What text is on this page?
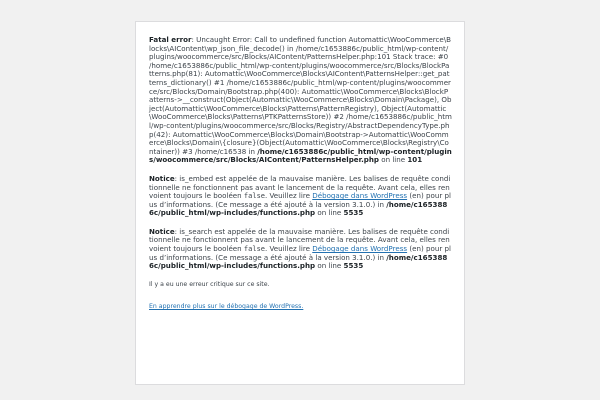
Fatal error: Uncaught Error: Call to undefined function Automattic\WooCommerce\Blocks\AIContent\wp_json_file_decode() in /home/c1653886c/public_html/wp-content/plugins/woocommerce/src/Blocks/AIContent/PatternsHelper.php:101 Stack trace: #0 /home/c1653886c/public_html/wp-content/plugins/woocommerce/src/Blocks/BlockPatterns.php(81): Automattic\WooCommerce\Blocks\AIContent\PatternsHelper::get_patterns_dictionary() #1 /home/c1653886c/public_html/wp-content/plugins/woocommerce/src/Blocks/Domain/Bootstrap.php(400): Automattic\WooCommerce\Blocks\BlockPatterns->__construct(Object(Automattic\WooCommerce\Blocks\Domain\Package), Object(Automattic\WooCommerce\Blocks\Patterns\PatternRegistry), Object(Automattic\WooCommerce\Blocks\Patterns\PTKPatternsStore)) #2 /home/c1653886c/public_html/wp-content/plugins/woocommerce/src/Blocks/Registry/AbstractDependencyType.php(42): Automattic\WooCommerce\Blocks\Domain\Bootstrap->Automattic\WooCommerce\Blocks\Domain\{closure}(Object(Automattic\WooCommerce\Blocks\Registry\Container)) #3 /home/c16538 in /home/c1653886c/public_html/wp-content/plugins/woocommerce/src/Blocks/AIContent/PatternsHelper.php on line 101

Notice: is_embed est appelée de la mauvaise manière. Les balises de requête conditionnelle ne fonctionnent pas avant le lancement de la requête. Avant cela, elles renvoient toujours le booléen false. Veuillez lire Débogage dans WordPress (en) pour plus d’informations. (Ce message a été ajouté à la version 3.1.0.) in /home/c1653886c/public_html/wp-includes/functions.php on line 5535

Notice: is_search est appelée de la mauvaise manière. Les balises de requête conditionnelle ne fonctionnent pas avant le lancement de la requête. Avant cela, elles renvoient toujours le booléen false. Veuillez lire Débogage dans WordPress (en) pour plus d’informations. (Ce message a été ajouté à la version 3.1.0.) in /home/c1653886c/public_html/wp-includes/functions.php on line 5535

Il y a eu une erreur critique sur ce site.

En apprendre plus sur le débogage de WordPress.
